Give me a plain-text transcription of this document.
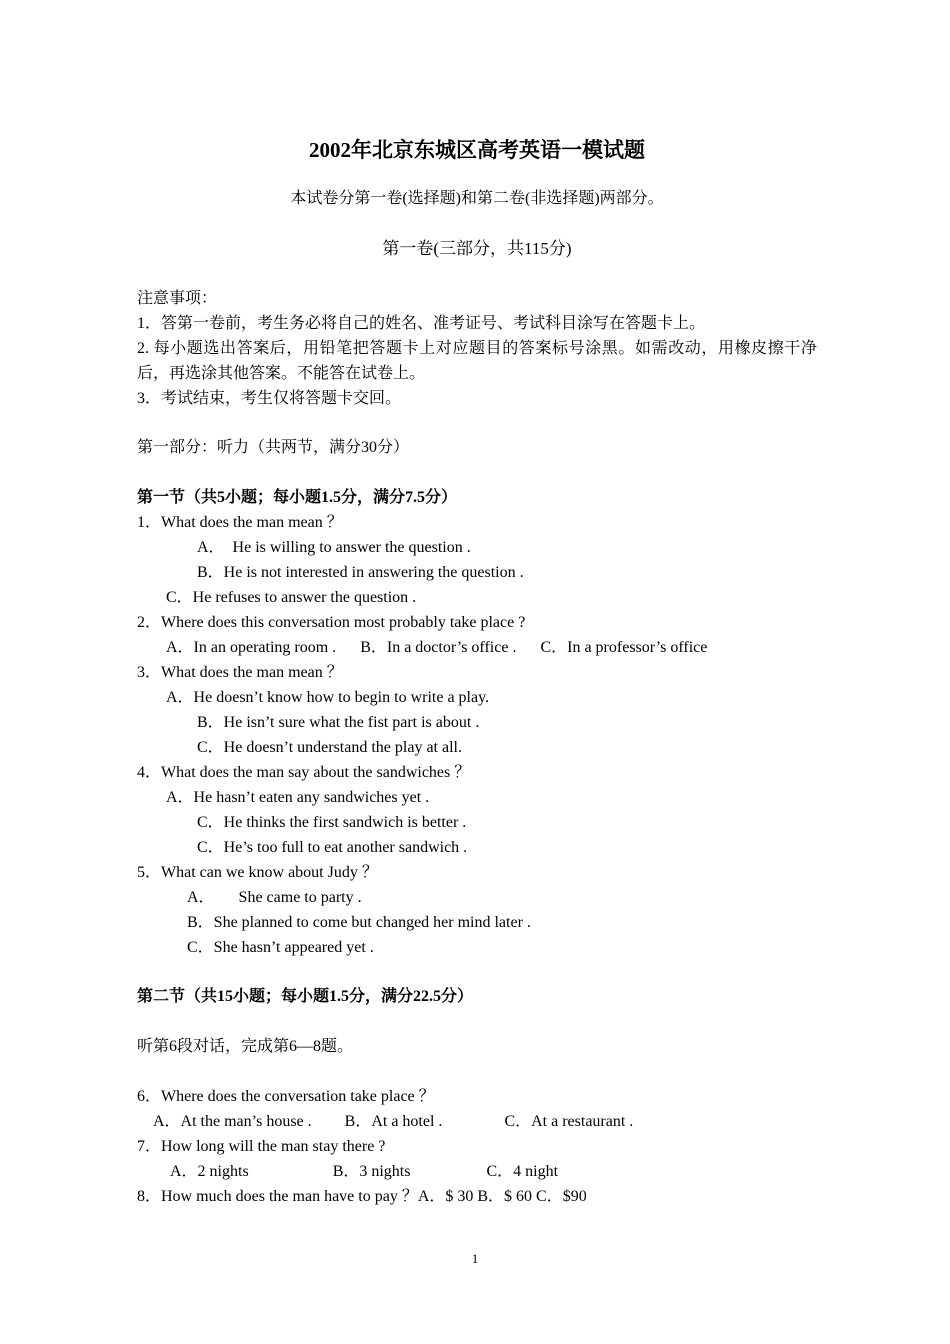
2002年北京东城区高考英语一模试题
本试卷分第一卷(选择题)和第二卷(非选择题)两部分。
第一卷(三部分，共115分)
注意事项：
1．答第一卷前，考生务必将自己的姓名、准考证号、考试科目涂写在答题卡上。
2. 每小题选出答案后，用铅笔把答题卡上对应题目的答案标号涂黑。如需改动，用橡皮擦干净后，再选涂其他答案。不能答在试卷上。
3．考试结束，考生仅将答题卡交回。
第一部分：听力（共两节，满分30分）
第一节（共5小题；每小题1.5分，满分7.5分）
1．What does the man mean ？
A．　He is willing to answer the question .
B．He is not interested in answering the question .
C．He refuses to answer the question .
2．Where does this conversation most probably take place ?
A．In an operating room . B．In a doctor’s office . C．In a professor’s office
3．What does the man mean ？
A．He doesn’t know how to begin to write a play.
B．He isn’t sure what the fist part is about .
C．He doesn’t understand the play at all.
4．What does the man say about the sandwiches ？
A．He hasn’t eaten any sandwiches yet .
C．He thinks the first sandwich is better .
C．He’s too full to eat another sandwich .
5．What can we know about Judy ？
A．　　She came to party .
B．She planned to come but changed her mind later .
C．She hasn’t appeared yet .
第二节（共15小题；每小题1.5分，满分22.5分）
听第6段对话，完成第6—8题。
6．Where does the conversation take place ？
A．At the man’s house . B．At a hotel .	C．At a restaurant .
7．How long will the man stay there ?
A．2 nights	B．3 nights	C．4 night
8．How much does the man have to pay ？A．$ 30 B．$ 60 C．$90
1
